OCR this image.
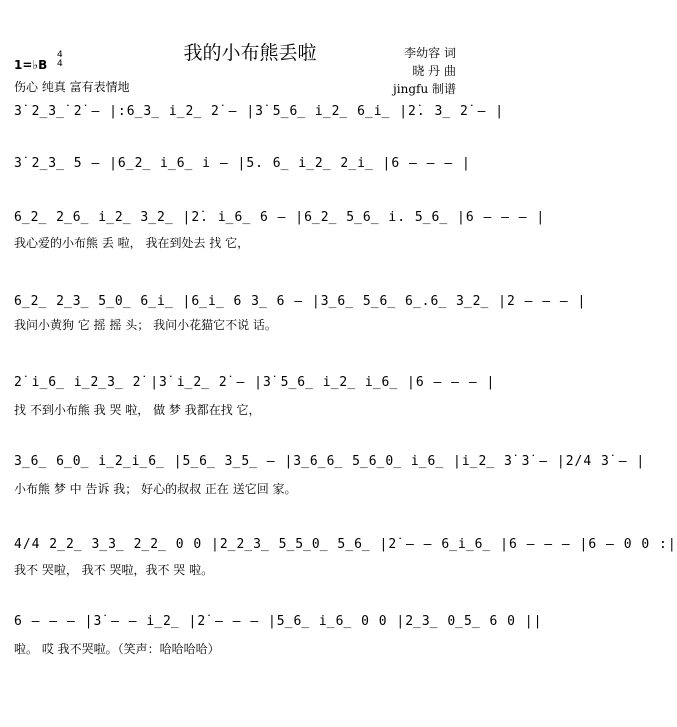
我的小布熊丢啦
1=♭B
4
4
伤心 纯真 富有表情地
李幼容 词
晓 丹 曲
jingfu 制谱
3̇ 2̲3̲̇ 2̇ – |:6̲3̲ i̲2̲ 2̇ – |3̇ 5̲6̲ i̲2̲ 6̲i̲ |2̇. 3̲ 2̇ – |
3̇ 2̲3̲ 5 – |6̲2̲ i̲6̲ i – |5. 6̲ i̲2̲ 2̲i̲ |6 – – – |
6̲2̲ 2̲6̲ i̲2̲ 3̲2̲ |2̇. i̲6̲ 6 – |6̲2̲ 5̲6̲ i. 5̲6̲ |6 – – – |
我心爱的小布熊 丢 啦， 我在到处去 找 它，
6̲2̲ 2̲3̲ 5̲0̲ 6̲i̲ |6̲i̲ 6 3̲ 6 – |3̲6̲ 5̲6̲ 6̲.6̲ 3̲2̲ |2 – – – |
我问小黄狗 它 摇 摇 头； 我问小花猫它不说 话。
2̇ i̲6̲ i̲2̲3̲ 2̇ |3̇ i̲2̲ 2̇ – |3̇ 5̲6̲ i̲2̲ i̲6̲ |6 – – – |
找 不到小布熊 我 哭 啦， 做 梦 我都在找 它，
3̲6̲ 6̲0̲ i̲2̲i̲6̲ |5̲6̲ 3̲5̲ – |3̲6̲6̲ 5̲6̲0̲ i̲6̲ |i̲2̲ 3̇ 3̇ – |2/4 3̇ – |
小布熊 梦 中 告诉 我； 好心的叔叔 正在 送它回 家。
4/4 2̲2̲ 3̲3̲ 2̲2̲ 0 0 |2̲2̲3̲ 5̲5̲0̲ 5̲6̲ |2̇ – – 6̲i̲6̲ |6 – – – |6 – 0 0 :|
我不 哭啦， 我不 哭啦，我不 哭 啦。
6 – – – |3̇ – – i̲2̲ |2̇ – – – |5̲6̲ i̲6̲ 0 0 |2̲3̲ 0̲5̲ 6 0 ||
啦。 哎 我不哭啦。（笑声：哈哈哈哈）
